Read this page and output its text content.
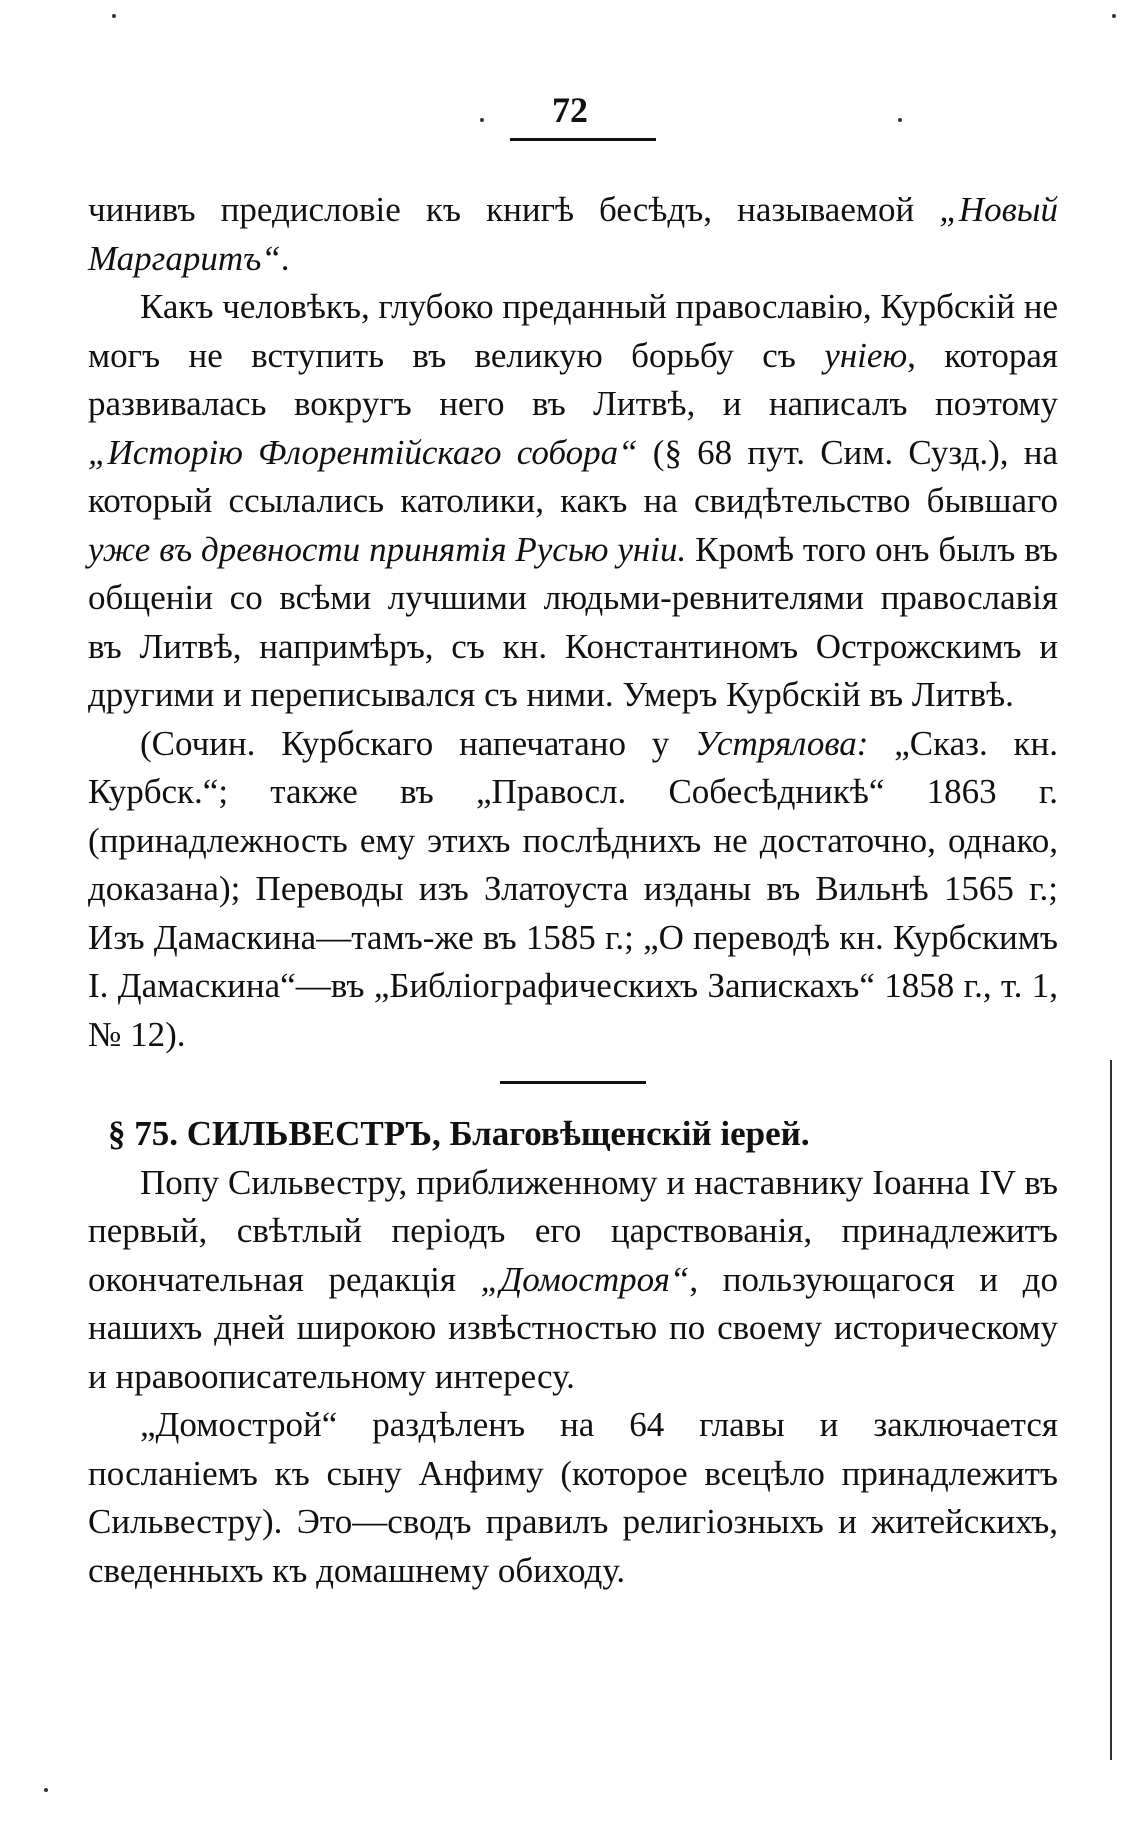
72

чинивъ предисловіе къ книгѣ бесѣдъ, называемой „Новый Маргаритъ“.

Какъ человѣкъ, глубоко преданный православію, Курбскій не могъ не вступить въ великую борьбу съ уніею, которая развивалась вокругъ него въ Литвѣ, и написалъ поэтому „Исторію Флорентійскаго собора“ (§ 68 пут. Сим. Сузд.), на который ссылались католики, какъ на свидѣтельство бывшаго уже въ древности принятія Русью уніи. Кромѣ того онъ былъ въ общеніи со всѣми лучшими людьми-ревнителями православія въ Литвѣ, напримѣръ, съ кн. Константиномъ Острожскимъ и другими и переписывался съ ними. Умеръ Курбскій въ Литвѣ.

(Сочин. Курбскаго напечатано у Устрялова: „Сказ. кн. Курбск.“; также въ „Правосл. Собесѣдникѣ“ 1863 г. (принадлежность ему этихъ послѣднихъ не достаточно, однако, доказана); Переводы изъ Златоуста изданы въ Вильнѣ 1565 г.; Изъ Дамаскина—тамъ-же въ 1585 г.; „О переводѣ кн. Курбскимъ І. Дамаскина“—въ „Библіографическихъ Запискахъ“ 1858 г., т. 1, № 12).

§ 75. СИЛЬВЕСТРЪ, Благовѣщенскій іерей.

Попу Сильвестру, приближенному и наставнику Іоанна IV въ первый, свѣтлый періодъ его царствованія, принадлежитъ окончательная редакція „Домостроя“, пользующагося и до нашихъ дней широкою извѣстностью по своему историческому и нравоописательному интересу.

„Домострой“ раздѣленъ на 64 главы и заключается посланіемъ къ сыну Анфиму (которое всецѣло принадлежитъ Сильвестру). Это—сводъ правилъ религіозныхъ и житейскихъ, сведенныхъ къ домашнему обиходу.
